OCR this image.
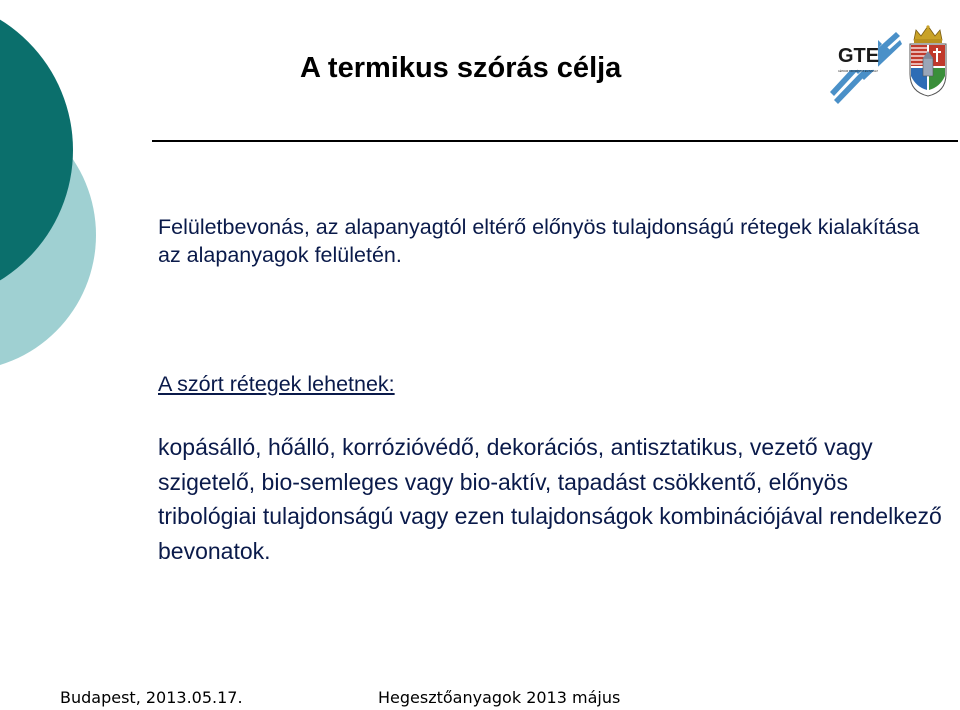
A termikus szórás célja	GTE
GÉPIPARI TUDOMÁNYOS EGYESÜLET

Felületbevonás, az alapanyagtól eltérő előnyös tulajdonságú rétegek kialakítása az alapanyagok felületén.

A szórt rétegek lehetnek:

kopásálló, hőálló, korrózióvédő, dekorációs, antisztatikus, vezető vagy szigetelő, bio-semleges vagy bio-aktív, tapadást csökkentő, előnyös tribológiai tulajdonságú vagy ezen tulajdonságok kombinációjával rendelkező bevonatok.

Budapest, 2013.05.17.	Hegesztőanyagok 2013 május
